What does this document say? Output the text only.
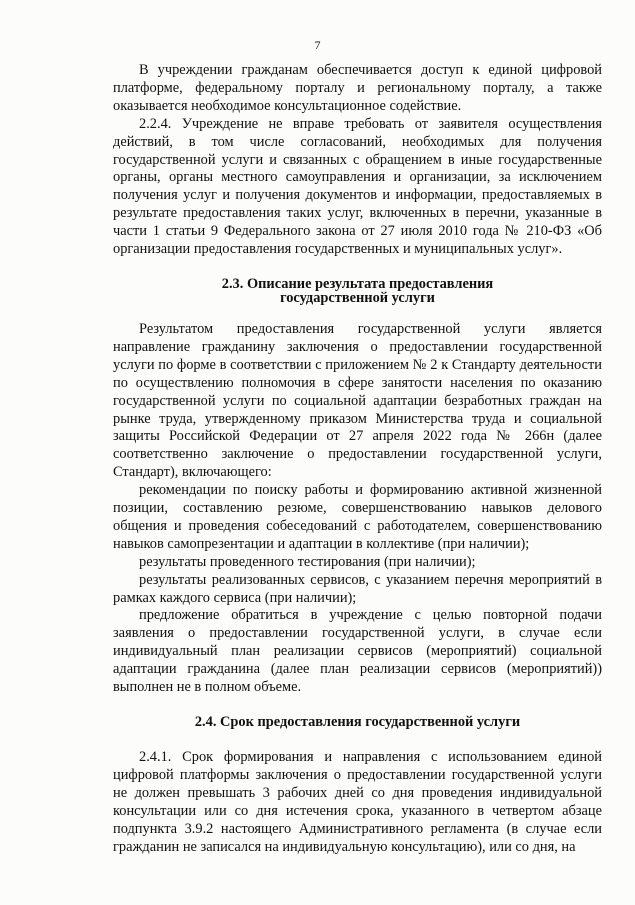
7

В учреждении гражданам обеспечивается доступ к единой цифровой платформе, федеральному порталу и региональному порталу, а также оказывается необходимое консультационное содействие.

2.2.4. Учреждение не вправе требовать от заявителя осуществления действий, в том числе согласований, необходимых для получения государственной услуги и связанных с обращением в иные государственные органы, органы местного самоуправления и организации, за исключением получения услуг и получения документов и информации, предоставляемых в результате предоставления таких услуг, включенных в перечни, указанные в части 1 статьи 9 Федерального закона от 27 июля 2010 года № 210-ФЗ «Об организации предоставления государственных и муниципальных услуг».

2.3. Описание результата предоставления
государственной услуги

Результатом предоставления государственной услуги является направление гражданину заключения о предоставлении государственной услуги по форме в соответствии с приложением № 2 к Стандарту деятельности по осуществлению полномочия в сфере занятости населения по оказанию государственной услуги по социальной адаптации безработных граждан на рынке труда, утвержденному приказом Министерства труда и социальной защиты Российской Федерации от 27 апреля 2022 года № 266н (далее соответственно заключение о предоставлении государственной услуги, Стандарт), включающего:

рекомендации по поиску работы и формированию активной жизненной позиции, составлению резюме, совершенствованию навыков делового общения и проведения собеседований с работодателем, совершенствованию навыков самопрезентации и адаптации в коллективе (при наличии);

результаты проведенного тестирования (при наличии);

результаты реализованных сервисов, с указанием перечня мероприятий в рамках каждого сервиса (при наличии);

предложение обратиться в учреждение с целью повторной подачи заявления о предоставлении государственной услуги, в случае если индивидуальный план реализации сервисов (мероприятий) социальной адаптации гражданина (далее план реализации сервисов (мероприятий)) выполнен не в полном объеме.

2.4. Срок предоставления государственной услуги

2.4.1. Срок формирования и направления с использованием единой цифровой платформы заключения о предоставлении государственной услуги не должен превышать 3 рабочих дней со дня проведения индивидуальной консультации или со дня истечения срока, указанного в четвертом абзаце подпункта 3.9.2 настоящего Административного регламента (в случае если гражданин не записался на индивидуальную консультацию), или со дня, на
